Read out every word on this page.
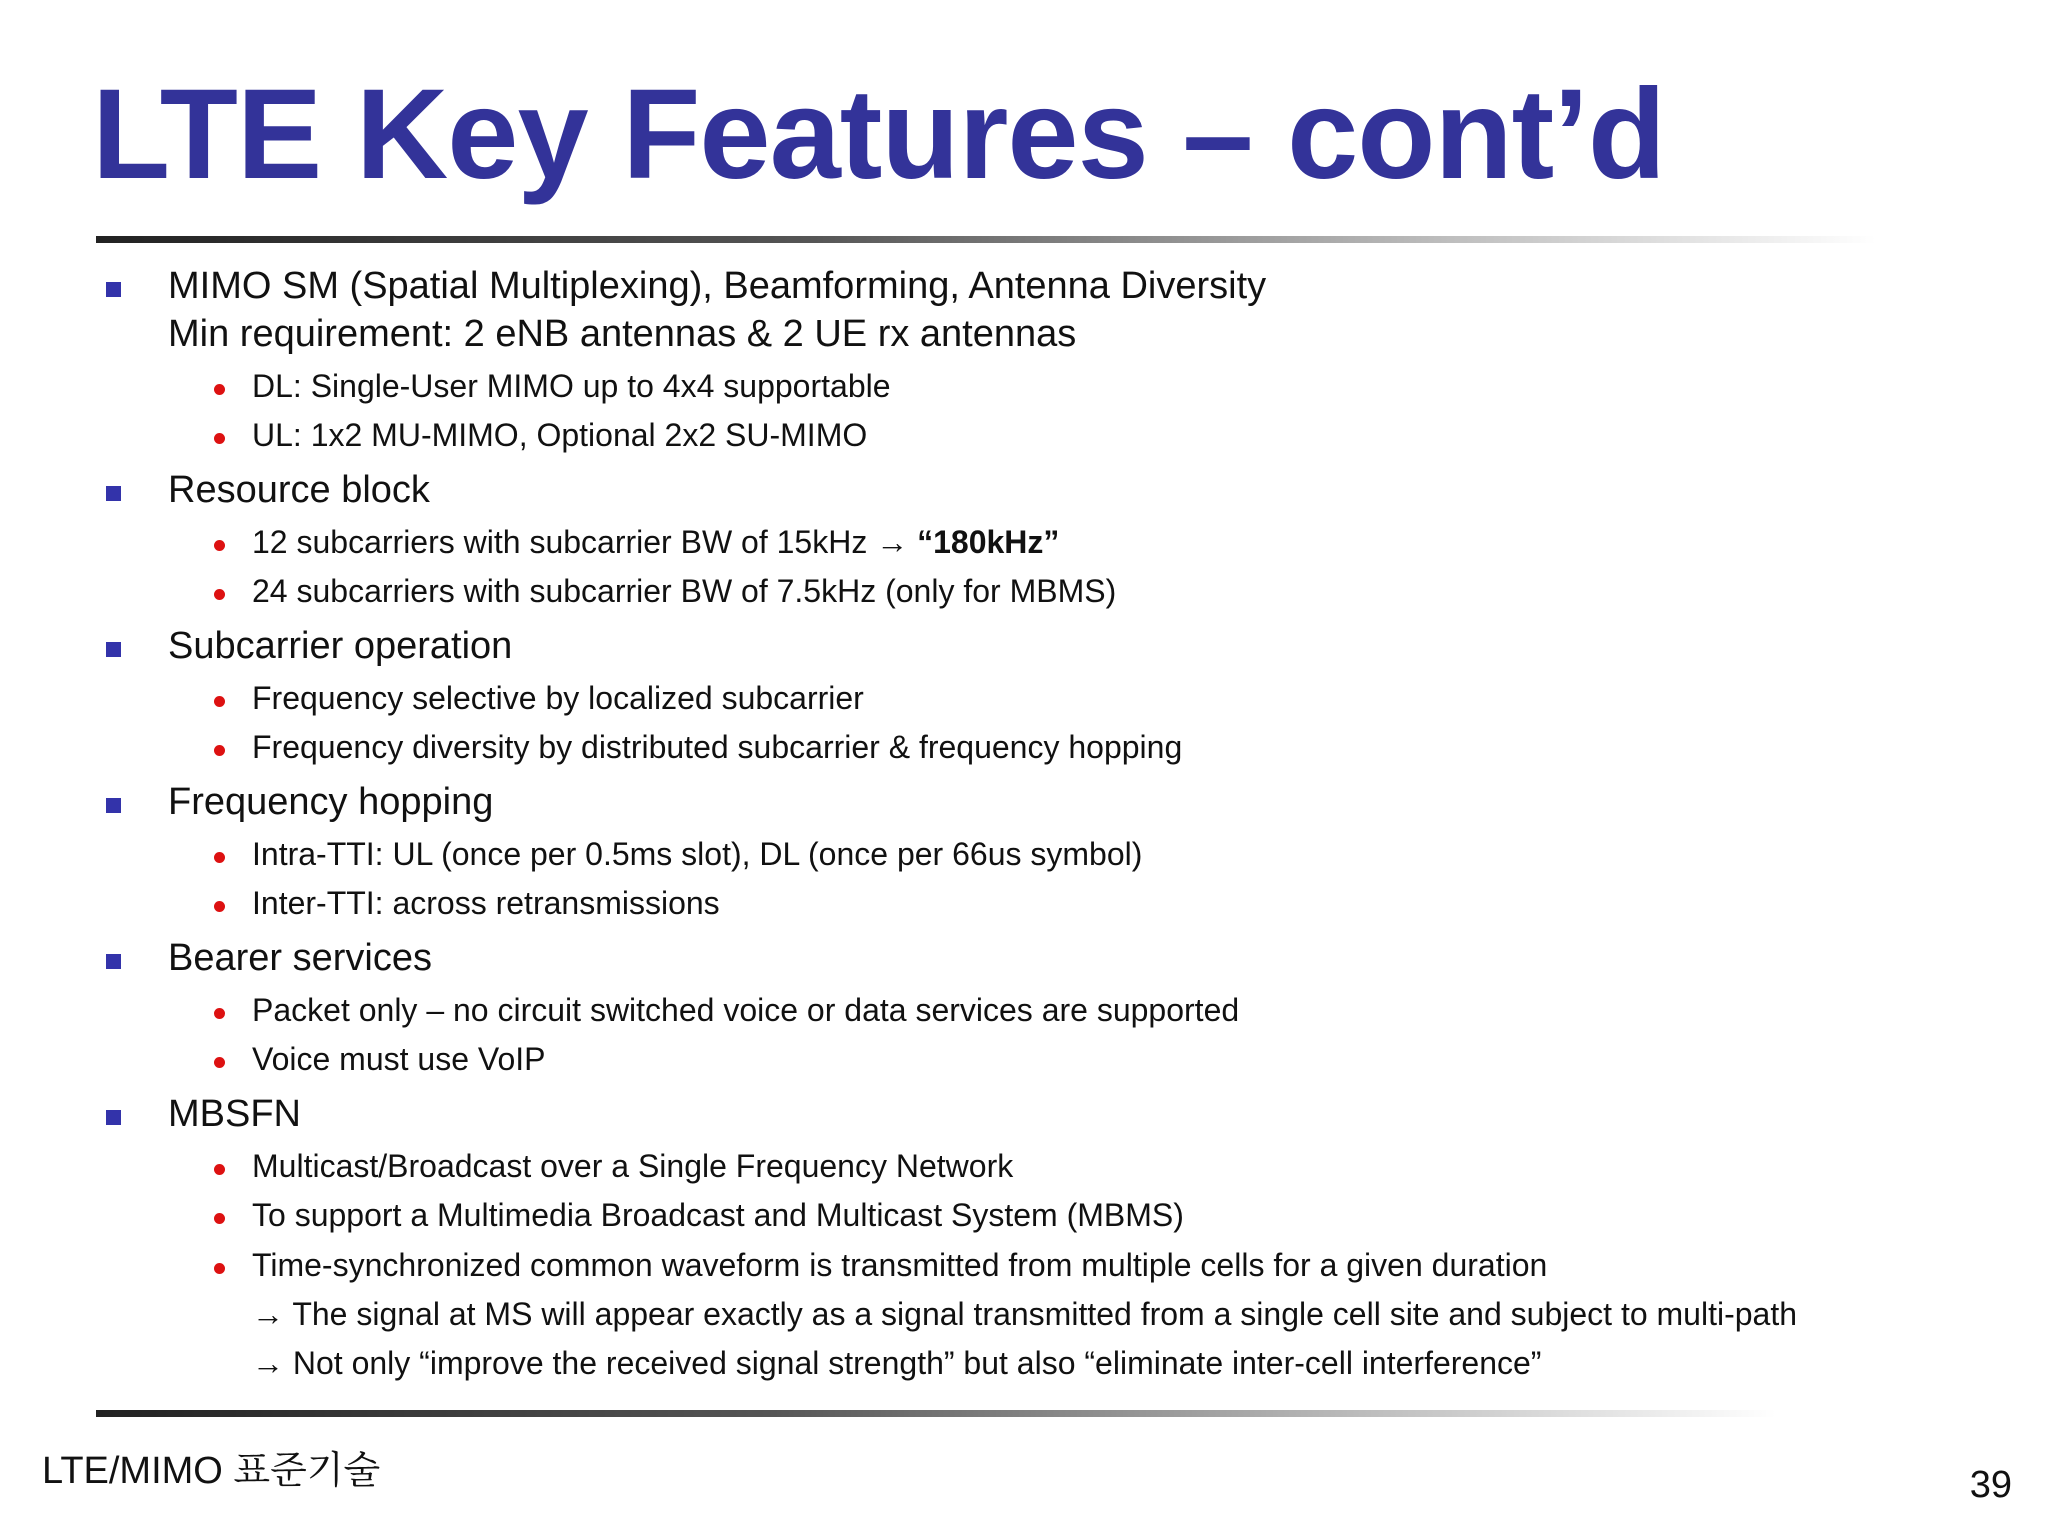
LTE Key Features – cont’d
MIMO SM (Spatial Multiplexing), Beamforming, Antenna Diversity
Min requirement: 2 eNB antennas & 2 UE rx antennas
DL: Single-User MIMO up to 4x4 supportable
UL: 1x2 MU-MIMO, Optional 2x2 SU-MIMO
Resource block
12 subcarriers with subcarrier BW of 15kHz → “180kHz”
24 subcarriers with subcarrier BW of 7.5kHz (only for MBMS)
Subcarrier operation
Frequency selective by localized subcarrier
Frequency diversity by distributed subcarrier & frequency hopping
Frequency hopping
Intra-TTI: UL (once per 0.5ms slot), DL (once per 66us symbol)
Inter-TTI: across retransmissions
Bearer services
Packet only – no circuit switched voice or data services are supported
Voice must use VoIP
MBSFN
Multicast/Broadcast over a Single Frequency Network
To support a Multimedia Broadcast and Multicast System (MBMS)
Time-synchronized common waveform is transmitted from multiple cells for a given duration
→ The signal at MS will appear exactly as a signal transmitted from a single cell site and subject to multi-path
→ Not only “improve the received signal strength” but also “eliminate inter-cell interference”
LTE/MIMO 표준기술	39
